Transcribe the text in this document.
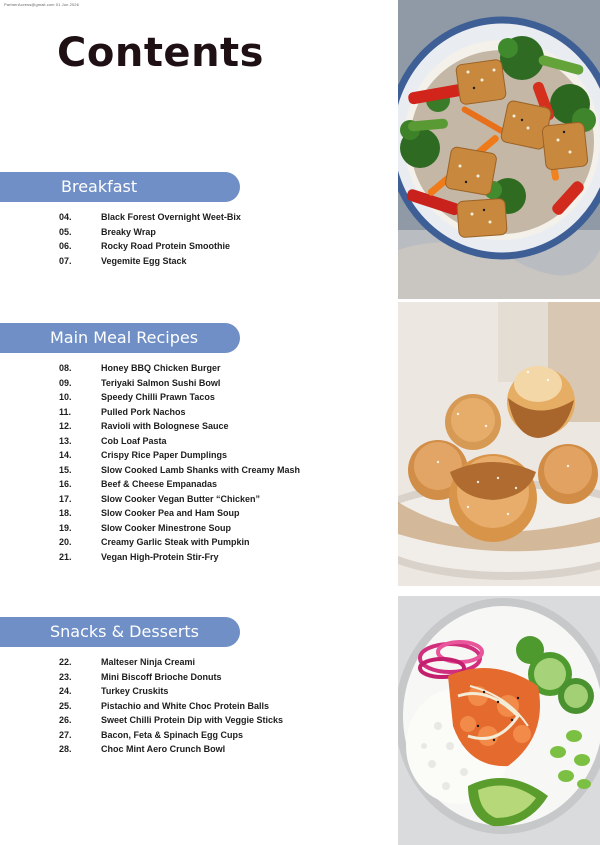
PartnerAccess@gmail.com 01 Jun 2026
Contents
Breakfast
04.	Black Forest Overnight Weet-Bix
05.	Breaky Wrap
06.	Rocky Road Protein Smoothie
07.	Vegemite Egg Stack
Main Meal Recipes
08.	Honey BBQ Chicken Burger
09.	Teriyaki Salmon Sushi Bowl
10.	Speedy Chilli Prawn Tacos
11.	Pulled Pork Nachos
12.	Ravioli with Bolognese Sauce
13.	Cob Loaf Pasta
14.	Crispy Rice Paper Dumplings
15.	Slow Cooked Lamb Shanks with Creamy Mash
16.	Beef & Cheese Empanadas
17.	Slow Cooker Vegan Butter “Chicken”
18.	Slow Cooker Pea and Ham Soup
19.	Slow Cooker Minestrone Soup
20.	Creamy Garlic Steak with Pumpkin
21.	Vegan High-Protein Stir-Fry
Snacks & Desserts
22.	Malteser Ninja Creami
23.	Mini Biscoff Brioche Donuts
24.	Turkey Cruskits
25.	Pistachio and White Choc Protein Balls
26.	Sweet Chilli Protein Dip with Veggie Sticks
27.	Bacon, Feta & Spinach Egg Cups
28.	Choc Mint Aero Crunch Bowl
